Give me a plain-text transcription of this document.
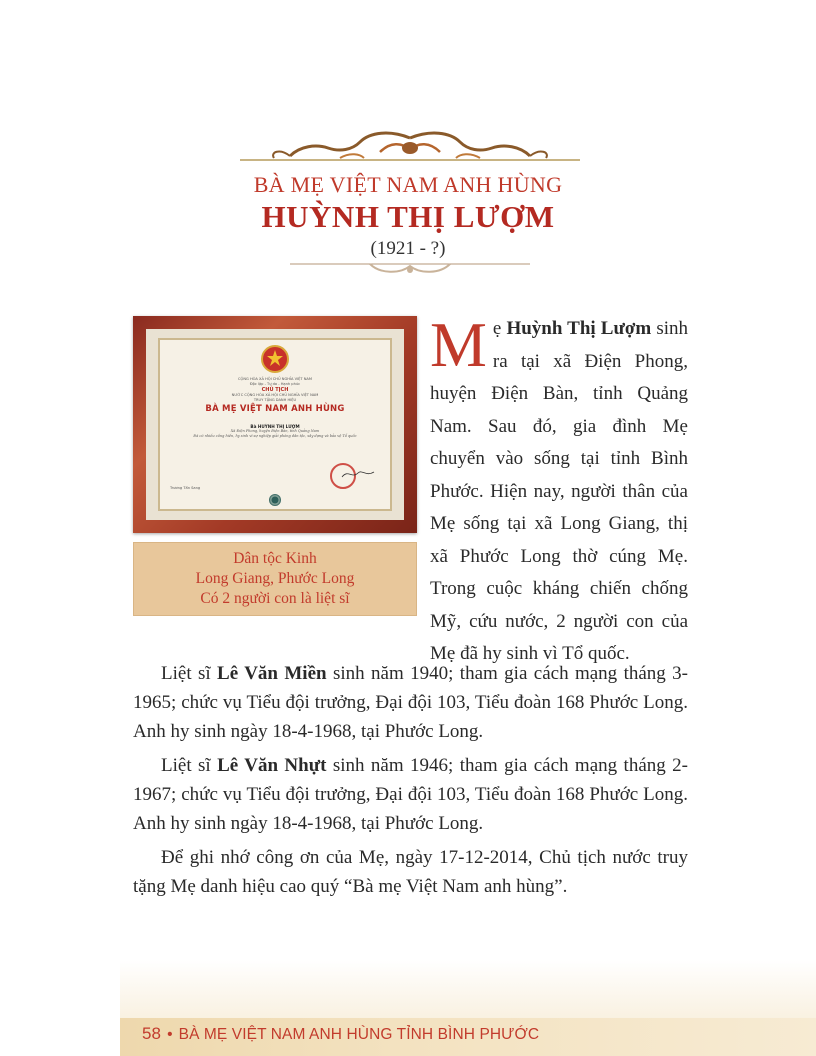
BÀ MẸ VIỆT NAM ANH HÙNG
HUỲNH THỊ LƯỢM
(1921 - ?)
CỘNG HÒA XÃ HỘI CHỦ NGHĨA VIỆT NAM
Độc lập - Tự do - Hạnh phúc
CHỦ TỊCH
NƯỚC CỘNG HÒA XÃ HỘI CHỦ NGHĨA VIỆT NAM
TRUY TẶNG DANH HIỆU
BÀ MẸ VIỆT NAM ANH HÙNG
Bà HUỲNH THỊ LƯỢM
Xã Điện Phong, huyện Điện Bàn, tỉnh Quảng Nam
Đã có nhiều cống hiến, hy sinh vì sự nghiệp giải phóng dân tộc, xây dựng và bảo vệ Tổ quốc
Trương Tấn Sang
Dân tộc Kinh
Long Giang, Phước Long
Có 2 người con là liệt sĩ
Mẹ Huỳnh Thị Lượm sinh ra tại xã Điện Phong, huyện Điện Bàn, tỉnh Quảng Nam. Sau đó, gia đình Mẹ chuyển vào sống tại tỉnh Bình Phước. Hiện nay, người thân của Mẹ sống tại xã Long Giang, thị xã Phước Long thờ cúng Mẹ. Trong cuộc kháng chiến chống Mỹ, cứu nước, 2 người con của Mẹ đã hy sinh vì Tổ quốc.
Liệt sĩ Lê Văn Miền sinh năm 1940; tham gia cách mạng tháng 3-1965; chức vụ Tiểu đội trưởng, Đại đội 103, Tiểu đoàn 168 Phước Long. Anh hy sinh ngày 18-4-1968, tại Phước Long.
Liệt sĩ Lê Văn Nhựt sinh năm 1946; tham gia cách mạng tháng 2-1967; chức vụ Tiểu đội trưởng, Đại đội 103, Tiểu đoàn 168 Phước Long. Anh hy sinh ngày 18-4-1968, tại Phước Long.
Để ghi nhớ công ơn của Mẹ, ngày 17-12-2014, Chủ tịch nước truy tặng Mẹ danh hiệu cao quý “Bà mẹ Việt Nam anh hùng”.
58 • BÀ MẸ VIỆT NAM ANH HÙNG TỈNH BÌNH PHƯỚC
